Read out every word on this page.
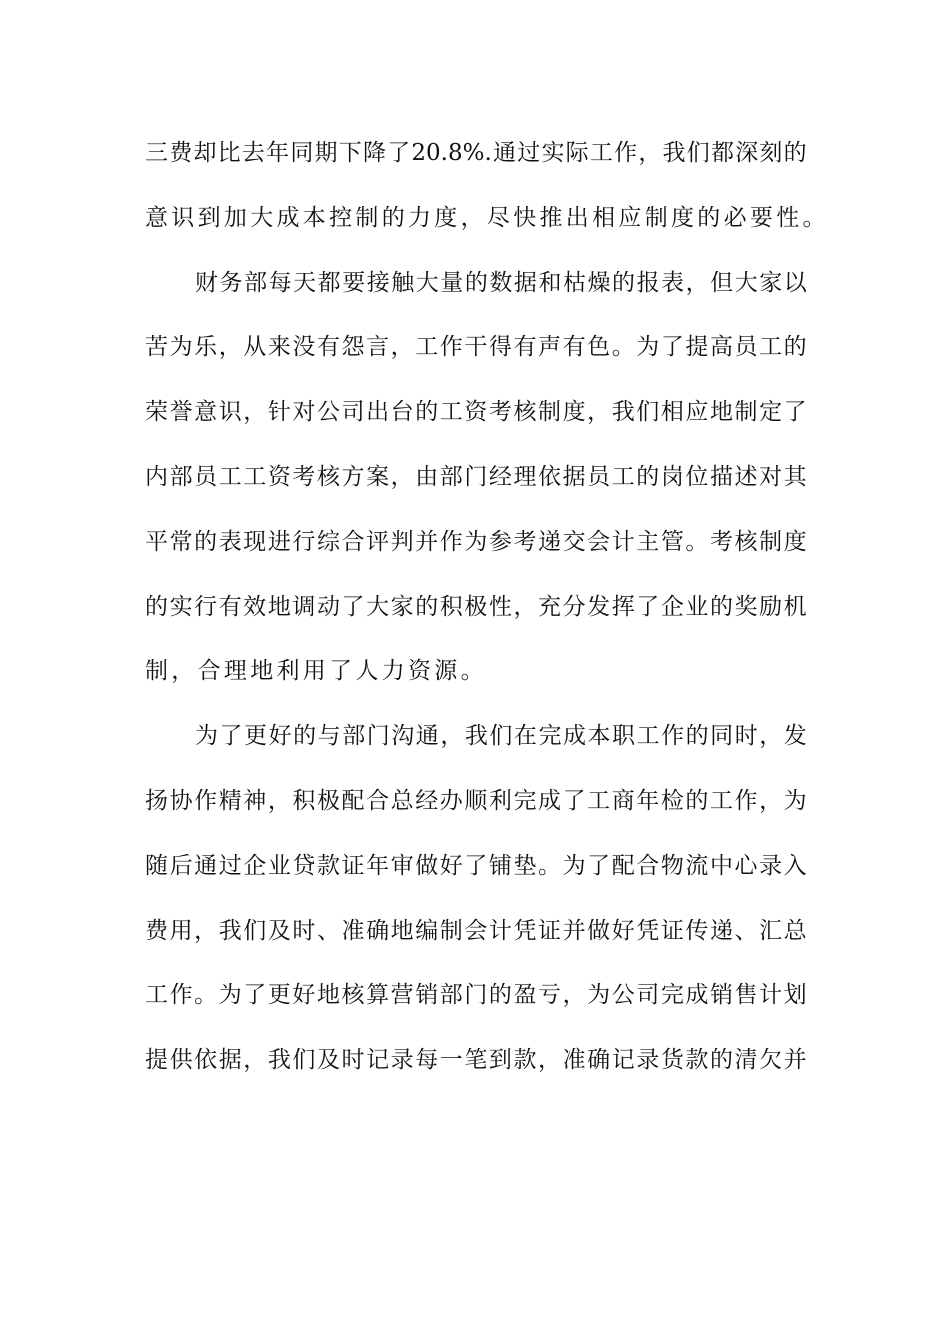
三 费 却 比 去 年 同 期 下 降 了 20.8%. 通 过 实 际 工 作 ， 我 们 都 深 刻 的
意识到加大成本控制的力度，尽快推出相应制度的必要性。
财 务 部 每 天 都 要 接 触 大 量 的 数 据 和 枯 燥 的 报 表 ， 但 大 家 以
苦 为 乐 ， 从 来 没 有 怨 言 ， 工 作 干 得 有 声 有 色 。 为 了 提 高 员 工 的
荣 誉 意 识 ， 针 对 公 司 出 台 的 工 资 考 核 制 度 ， 我 们 相 应 地 制 定 了
内 部 员 工 工 资 考 核 方 案 ， 由 部 门 经 理 依 据 员 工 的 岗 位 描 述 对 其
平 常 的 表 现 进 行 综 合 评 判 并 作 为 参 考 递 交 会 计 主 管 。 考 核 制 度
的 实 行 有 效 地 调 动 了 大 家 的 积 极 性 ， 充 分 发 挥 了 企 业 的 奖 励 机
制，合理地利用了人力资源。
为 了 更 好 的 与 部 门 沟 通 ， 我 们 在 完 成 本 职 工 作 的 同 时 ， 发
扬 协 作 精 神 ， 积 极 配 合 总 经 办 顺 利 完 成 了 工 商 年 检 的 工 作 ， 为
随 后 通 过 企 业 贷 款 证 年 审 做 好 了 铺 垫 。 为 了 配 合 物 流 中 心 录 入
费 用 ， 我 们 及 时 、 准 确 地 编 制 会 计 凭 证 并 做 好 凭 证 传 递 、 汇 总
工 作 。 为 了 更 好 地 核 算 营 销 部 门 的 盈 亏 ， 为 公 司 完 成 销 售 计 划
提 供 依 据 ， 我 们 及 时 记 录 每 一 笔 到 款 ， 准 确 记 录 货 款 的 清 欠 并
